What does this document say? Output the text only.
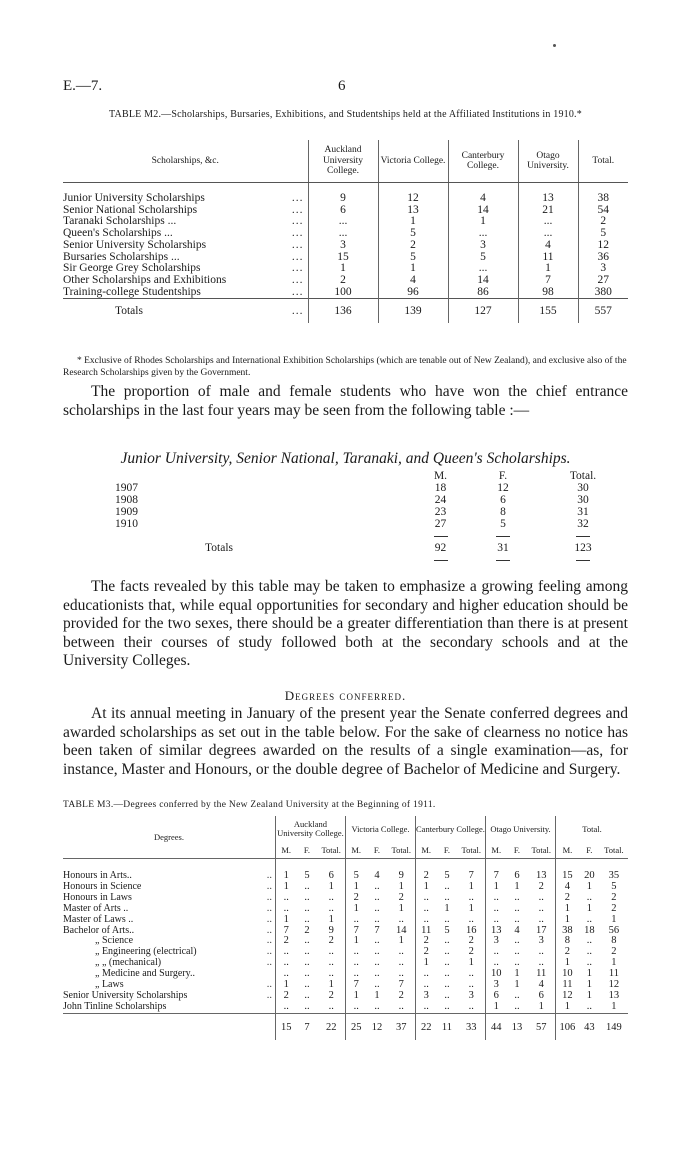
E.—7.	6
TABLE M2.—Scholarships, Bursaries, Exhibitions, and Studentships held at the Affiliated Institutions in 1910.*
Scholarships, &c.		Auckland University College.	Victoria College.	Canterbury College.	Otago University.	Total.

Junior University Scholarships	...	9	12	4	13	38
Senior National Scholarships	...	6	13	14	21	54
Taranaki Scholarships ...	...	...	1	1	...	2
Queen's Scholarships ...	...	...	5	...	...	5
Senior University Scholarships	...	3	2	3	4	12
Bursaries Scholarships ...	...	15	5	5	11	36
Sir George Grey Scholarships	...	1	1	...	1	3
Other Scholarships and Exhibitions	...	2	4	14	7	27
Training-college Studentships	...	100	96	86	98	380
Totals	...	136	139	127	155	557

* Exclusive of Rhodes Scholarships and International Exhibition Scholarships (which are tenable out of New Zealand), and exclusive also of the Research Scholarships given by the Government.
The proportion of male and female students who have won the chief entrance scholarships in the last four years may be seen from the following table :—
Junior University, Senior National, Taranaki, and Queen's Scholarships.
		M.	F.	Total.
1907		18	12	30
1908		24	6	30
1909		23	8	31
1910		27	5	32

Totals		92	31	123

The facts revealed by this table may be taken to emphasize a growing feeling among educationists that, while equal opportunities for secondary and higher education should be provided for the two sexes, there should be a greater differentiation than there is at present between their courses of study followed both at the secondary schools and at the University Colleges.
Degrees conferred.
At its annual meeting in January of the present year the Senate conferred degrees and awarded scholarships as set out in the table below. For the sake of clearness no notice has been taken of similar degrees awarded on the results of a single examination—as, for instance, Master and Honours, or the double degree of Bachelor of Medicine and Surgery.
TABLE M3.—Degrees conferred by the New Zealand University at the Beginning of 1911.
Degrees.		Auckland University College.			Victoria College.			Canterbury College.			Otago University.			Total.		
		M.	F.	Total.	M.	F.	Total.	M.	F.	Total.	M.	F.	Total.	M.	F.	Total.

Honours in Arts..	..	1	5	6	5	4	9	2	5	7	7	6	13	15	20	35
Honours in Science	..	1	..	1	1	..	1	1	..	1	1	1	2	4	1	5
Honours in Laws	..	..	..	..	2	..	2	..	..	..	..	..	..	2	..	2
Master of Arts ..	..	..	..	..	1	..	1	..	1	1	..	..	..	1	1	2
Master of Laws ..	..	1	..	1	..	..	..	..	..	..	..	..	..	1	..	1
Bachelor of Arts..	..	7	2	9	7	7	14	11	5	16	13	4	17	38	18	56
„ Science	..	2	..	2	1	..	1	2	..	2	3	..	3	8	..	8
„ Engineering (electrical)	..	..	..	..	..	..	..	2	..	2	..	..	..	2	..	2
„ „ (mechanical)	..	..	..	..	..	..	..	1	..	1	..	..	..	1	..	1
„ Medicine and Surgery..		..	..	..	..	..	..	..	..	..	10	1	11	10	1	11
„ Laws	..	1	..	1	7	..	7	..	..	..	3	1	4	11	1	12
Senior University Scholarships	..	2	..	2	1	1	2	3	..	3	6	..	6	12	1	13
John Tinline Scholarships		..	..	..	..	..	..	..	..	..	1	..	1	1	..	1
		15	7	22	25	12	37	22	11	33	44	13	57	106	43	149
